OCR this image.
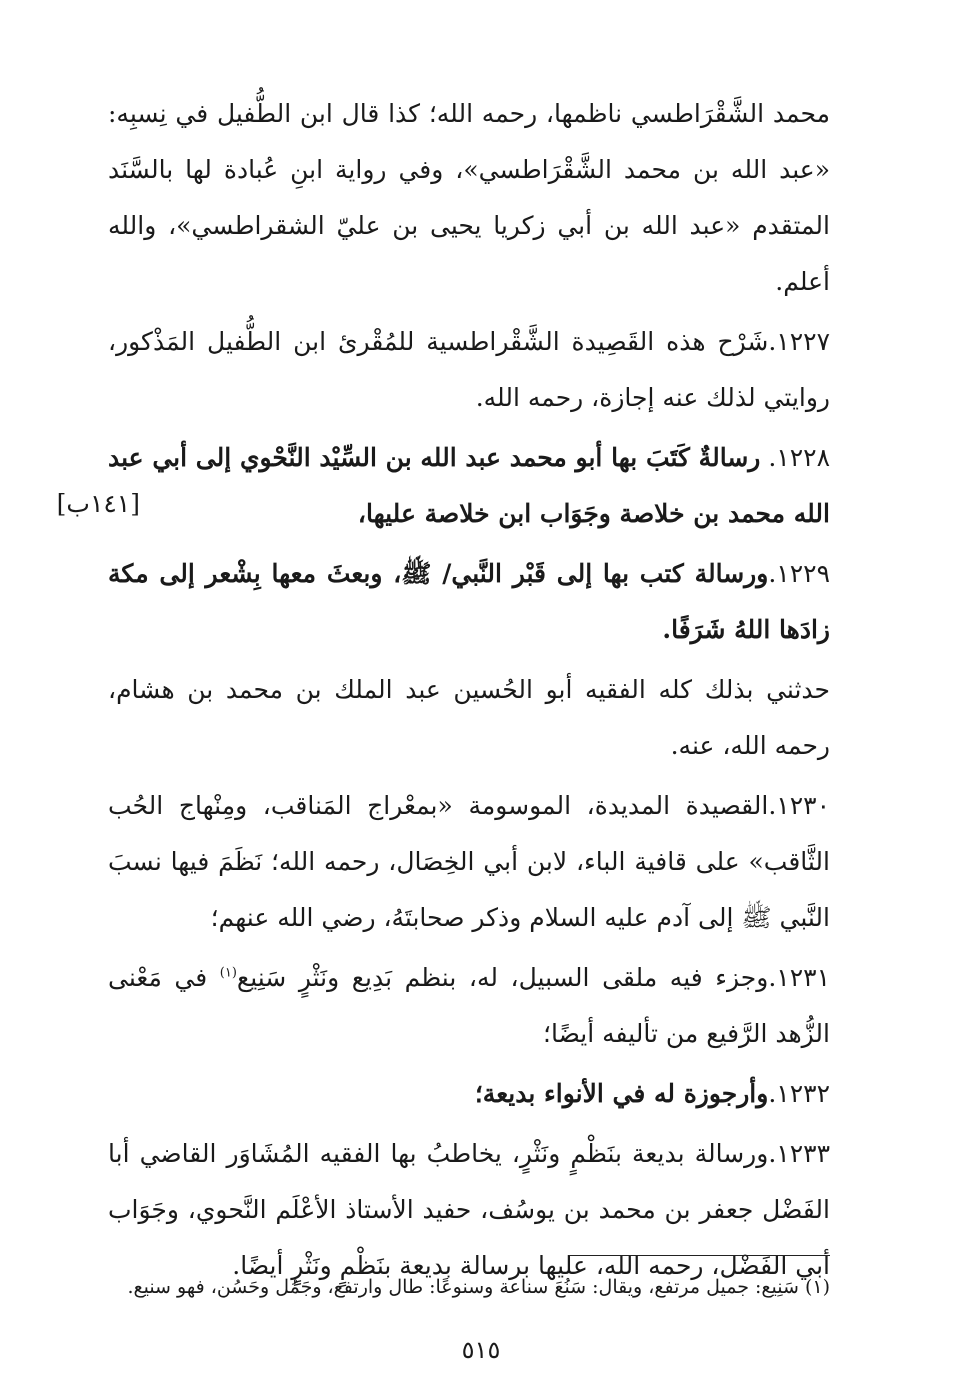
[١٤١ب]

محمد الشَّقْرَاطسي ناظمها، رحمه الله؛ كذا قال ابن الطُّفيل في نِسبِه: «عبد الله بن محمد الشَّقْرَاطسي»، وفي رواية ابنِ عُبادة لها بالسَّنَد المتقدم «عبد الله بن أبي زكريا يحيى بن عليّ الشقراطسي»، والله أعلم.

١٢٢٧.شَرْح هذه القَصِيدة الشَّقْراطسية للمُقْرئ ابن الطُّفيل المَذْكور، روايتي لذلك عنه إجازة، رحمه الله.

١٢٢٨. رسالةٌ كَتَبَ بها أبو محمد عبد الله بن السِّيْد النَّحْوي إلى أبي عبد الله محمد بن خلاصة وجَوَاب ابن خلاصة عليها،

١٢٢٩.ورسالة كتب بها إلى قَبْر النَّبي/ ﷺ، وبعثَ معها بِشْعر إلى مكة زادَها اللهُ شَرَفًا.

حدثني بذلك كله الفقيه أبو الحُسين عبد الملك بن محمد بن هشام، رحمه الله، عنه.

١٢٣٠.القصيدة المديدة، الموسومة «بمعْراج المَناقب، ومِنْهاج الحُب الثَّاقب» على قافية الباء، لابن أبي الخِصَال، رحمه الله؛ نَظَمَ فيها نسبَ النَّبي ﷺ إلى آدم عليه السلام وذكر صحابتَهُ، رضي الله عنهم؛

١٢٣١.وجزء فيه ملقى السبيل، له، بنظم بَدِيع ونَثْرٍ سَنِيع$^{(١)}$ في مَعْنى الزُّهد الرَّفيع من تأليفه أيضًا؛

١٢٣٢.وأرجوزة له في الأنواء بديعة؛

١٢٣٣.ورسالة بديعة بنَظْمٍ ونَثْرٍ، يخاطبُ بها الفقيه المُشَاوَر القاضي أبا الفَضْل جعفر بن محمد بن يوسُف، حفيد الأستاذ الأعْلَم النَّحوي، وجَوَاب أبي الفَضْل، رحمه الله، عليها برسالة بديعة بنَظْمٍ ونَثْرٍ أيضًا.

(١) سَنِيع: جميل مرتفع، ويقال: سَنُعَ سناعة وسنوعًا: طال وارتفع، وجَمُل وحَسُن، فهو سنيع.
٥١٥
